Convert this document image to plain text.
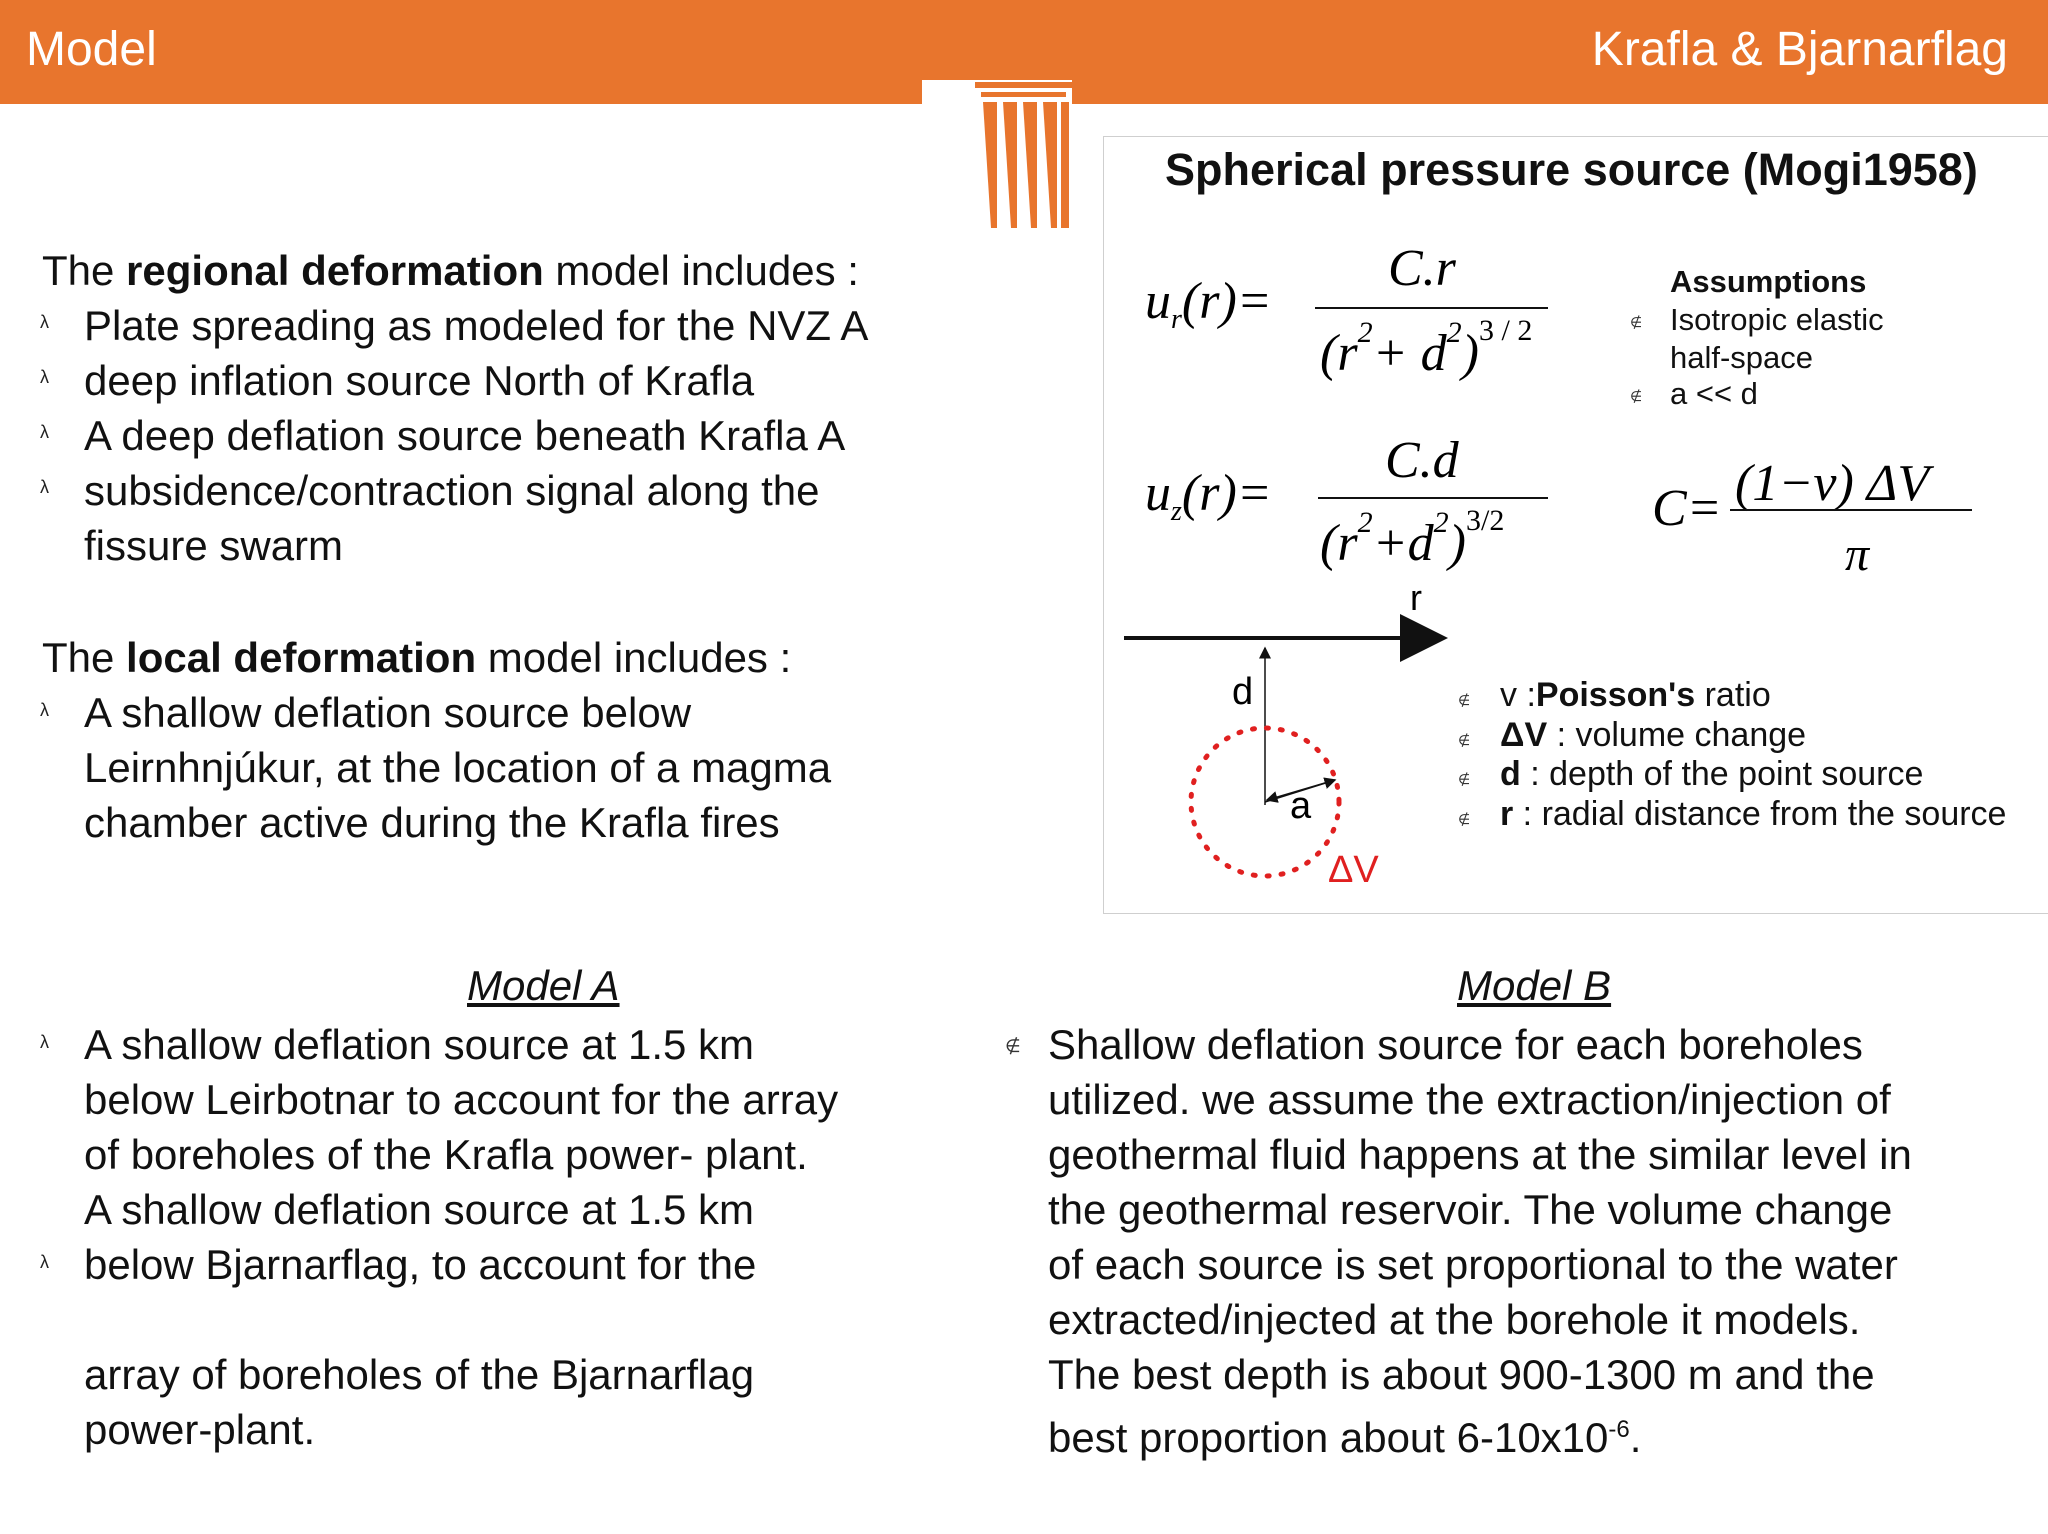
Model	Krafla & Bjarnarflag
The regional deformation model includes :
λ Plate spreading as modeled for the NVZ A
λ deep inflation source North of Krafla
λ A deep deflation source beneath Krafla A
λ subsidence/contraction signal along the
fissure swarm
The local deformation model includes :
λ A shallow deflation source below
Leirnhnjúkur, at the location of a magma
chamber active during the Krafla fires
Spherical pressure source (Mogi1958)
ur(r)=
C.r
$(r^2+ d^2)^{3 / 2}$
uz(r)=
C.d
$(r^2+d^2)^{3/2}$	C= (1−v) ΔV
π
Assumptions
∉ Isotropic elastic
half-space
∉ a << d
r
d
a
ΔV
∉ v :Poisson's ratio
∉ ΔV : volume change
∉ d : depth of the point source
∉ r : radial distance from the source
Model A
λ A shallow deflation source at 1.5 km
below Leirbotnar to account for the array
of boreholes of the Krafla power- plant.
A shallow deflation source at 1.5 km
λ below Bjarnarflag, to account for the
array of boreholes of the Bjarnarflag
power-plant.
Model B
∉ Shallow deflation source for each boreholes
utilized. we assume the extraction/injection of
geothermal fluid happens at the similar level in
the geothermal reservoir. The volume change
of each source is set proportional to the water
extracted/injected at the borehole it models.
The best depth is about 900-1300 m and the
best proportion about $6-10x10^{-6}$.
